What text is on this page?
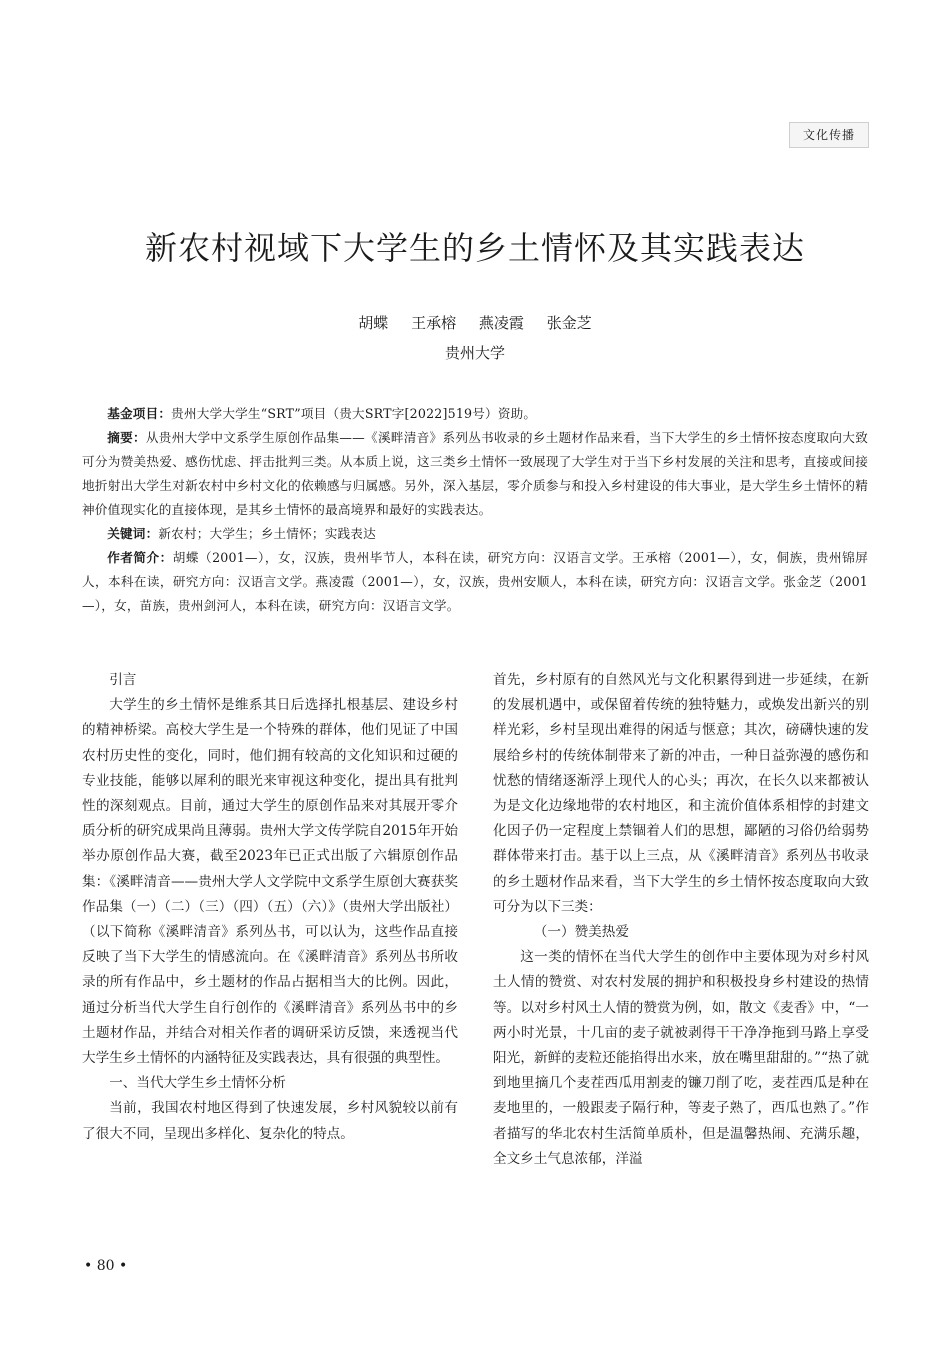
文化传播
新农村视域下大学生的乡土情怀及其实践表达
胡蝶 王承榕 燕凌霞 张金芝
贵州大学

基金项目：贵州大学大学生“SRT”项目（贵大SRT字[2022]519号）资助。

摘要：从贵州大学中文系学生原创作品集——《溪畔清音》系列丛书收录的乡土题材作品来看，当下大学生的乡土情怀按态度取向大致可分为赞美热爱、感伤忧虑、抨击批判三类。从本质上说，这三类乡土情怀一致展现了大学生对于当下乡村发展的关注和思考，直接或间接地折射出大学生对新农村中乡村文化的依赖感与归属感。另外，深入基层，零介质参与和投入乡村建设的伟大事业，是大学生乡土情怀的精神价值现实化的直接体现，是其乡土情怀的最高境界和最好的实践表达。

关键词：新农村；大学生；乡土情怀；实践表达

作者简介：胡蝶（2001—），女，汉族，贵州毕节人，本科在读，研究方向：汉语言文学。王承榕（2001—），女，侗族，贵州锦屏人，本科在读，研究方向：汉语言文学。燕凌霞（2001—），女，汉族，贵州安顺人，本科在读，研究方向：汉语言文学。张金芝（2001—），女，苗族，贵州剑河人，本科在读，研究方向：汉语言文学。

引言

大学生的乡土情怀是维系其日后选择扎根基层、建设乡村的精神桥梁。高校大学生是一个特殊的群体，他们见证了中国农村历史性的变化，同时，他们拥有较高的文化知识和过硬的专业技能，能够以犀利的眼光来审视这种变化，提出具有批判性的深刻观点。目前，通过大学生的原创作品来对其展开零介质分析的研究成果尚且薄弱。贵州大学文传学院自2015年开始举办原创作品大赛，截至2023年已正式出版了六辑原创作品集：《溪畔清音——贵州大学人文学院中文系学生原创大赛获奖作品集（一）（二）（三）（四）（五）（六）》（贵州大学出版社）（以下简称《溪畔清音》系列丛书，可以认为，这些作品直接反映了当下大学生的情感流向。在《溪畔清音》系列丛书所收录的所有作品中，乡土题材的作品占据相当大的比例。因此，通过分析当代大学生自行创作的《溪畔清音》系列丛书中的乡土题材作品，并结合对相关作者的调研采访反馈，来透视当代大学生乡土情怀的内涵特征及实践表达，具有很强的典型性。

一、当代大学生乡土情怀分析

当前，我国农村地区得到了快速发展，乡村风貌较以前有了很大不同，呈现出多样化、复杂化的特点。

首先，乡村原有的自然风光与文化积累得到进一步延续，在新的发展机遇中，或保留着传统的独特魅力，或焕发出新兴的别样光彩，乡村呈现出难得的闲适与惬意；其次，磅礴快速的发展给乡村的传统体制带来了新的冲击，一种日益弥漫的感伤和忧愁的情绪逐渐浮上现代人的心头；再次，在长久以来都被认为是文化边缘地带的农村地区，和主流价值体系相悖的封建文化因子仍一定程度上禁锢着人们的思想，鄙陋的习俗仍给弱势群体带来打击。基于以上三点，从《溪畔清音》系列丛书收录的乡土题材作品来看，当下大学生的乡土情怀按态度取向大致可分为以下三类：

（一）赞美热爱

这一类的情怀在当代大学生的创作中主要体现为对乡村风土人情的赞赏、对农村发展的拥护和积极投身乡村建设的热情等。以对乡村风土人情的赞赏为例，如，散文《麦香》中，“一两小时光景，十几亩的麦子就被剥得干干净净拖到马路上享受阳光，新鲜的麦粒还能掐得出水来，放在嘴里甜甜的。”“热了就到地里摘几个麦茬西瓜用割麦的镰刀削了吃，麦茬西瓜是种在麦地里的，一般跟麦子隔行种，等麦子熟了，西瓜也熟了。”作者描写的华北农村生活简单质朴，但是温馨热闹、充满乐趣，全文乡土气息浓郁，洋溢

• 80 •
